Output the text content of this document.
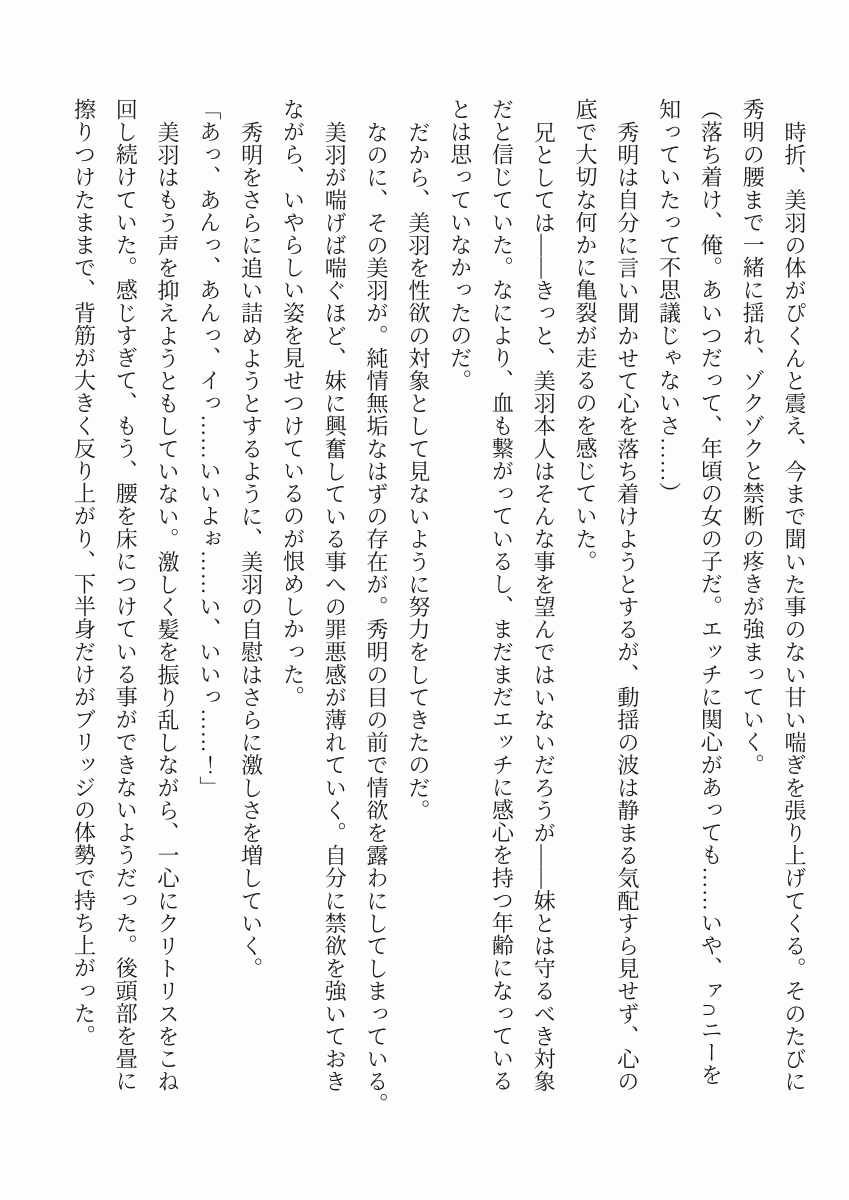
時折、美羽の体がぴくんと震え、今まで聞いた事のない甘い喘ぎを張り上げてくる。そのたびに
秀明の腰まで一緒に揺れ、ゾクゾクと禁断の疼きが強まっていく。
（落ち着け、俺。あいつだって、年頃の女の子だ。エッチに関心があっても……いや、ァ∩ニーを
知っていたって不思議じゃないさ……）
秀明は自分に言い聞かせて心を落ち着けようとするが、動揺の波は静まる気配すら見せず、心の
底で大切な何かに亀裂が走るのを感じていた。
兄としては――きっと、美羽本人はそんな事を望んではいないだろうが――妹とは守るべき対象
だと信じていた。なにより、血も繋がっているし、まだまだエッチに感心を持つ年齢になっている
とは思っていなかったのだ。
だから、美羽を性欲の対象として見ないように努力をしてきたのだ。
なのに、その美羽が。純情無垢なはずの存在が。秀明の目の前で情欲を露わにしてしまっている。
美羽が喘げば喘ぐほど、妹に興奮している事への罪悪感が薄れていく。自分に禁欲を強いておき
ながら、いやらしい姿を見せつけているのが恨めしかった。
秀明をさらに追い詰めようとするように、美羽の自慰はさらに激しさを増していく。
「あっ、あんっ、あんっ、イっ……いいよぉ……い、いいっ……！」
美羽はもう声を抑えようともしていない。激しく髪を振り乱しながら、一心にクリトリスをこね
回し続けていた。感じすぎて、もう、腰を床につけている事ができないようだった。後頭部を畳に
擦りつけたままで、背筋が大きく反り上がり、下半身だけがブリッジの体勢で持ち上がった。
